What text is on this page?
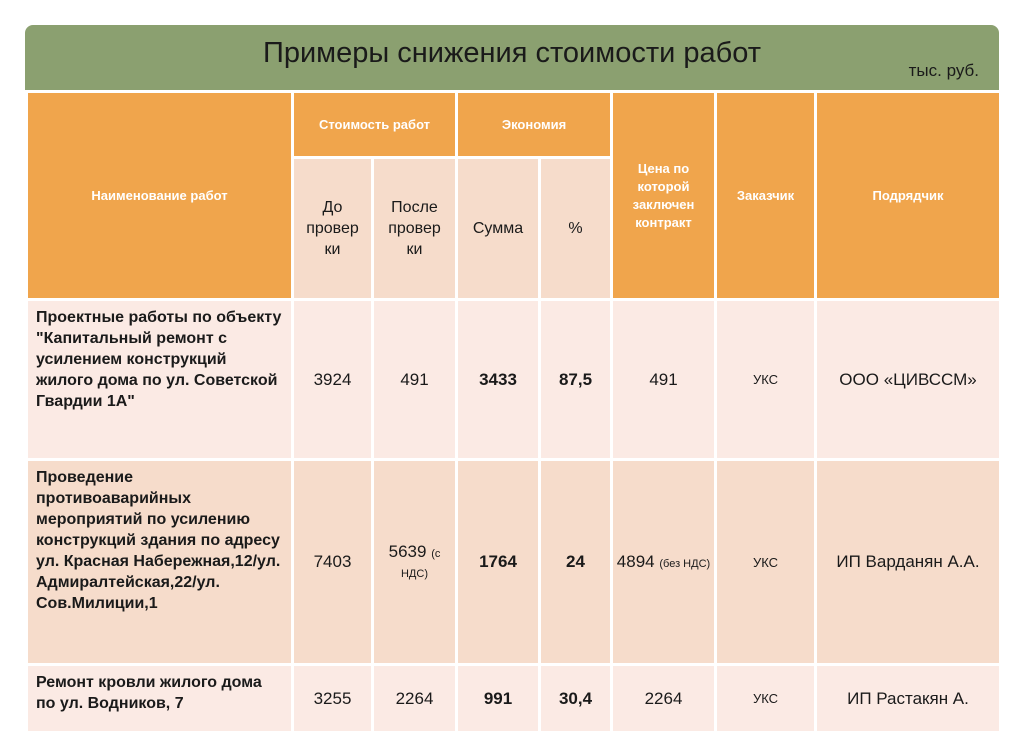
Примеры снижения стоимости работ
тыс. руб.
Наименование работ	Стоимость работ		Экономия		Цена по которой заключен контракт	Заказчик	Подрядчик
	До провер ки	После провер ки	Сумма	%			
Проектные работы по объекту "Капитальный ремонт с усилением конструкций жилого дома по ул. Советской Гвардии 1А"	3924	491	3433	87,5	491	УКС	ООО «ЦИВССМ»
Проведение противоаварийных мероприятий по усилению конструкций здания по адресу ул. Красная Набережная,12/ул. Адмиралтейская,22/ул. Сов.Милиции,1	7403	5639 (с НДС)	1764	24	4894 (без НДС)	УКС	ИП Варданян А.А.
Ремонт кровли жилого дома по ул. Водников, 7	3255	2264	991	30,4	2264	УКС	ИП Растакян А.
